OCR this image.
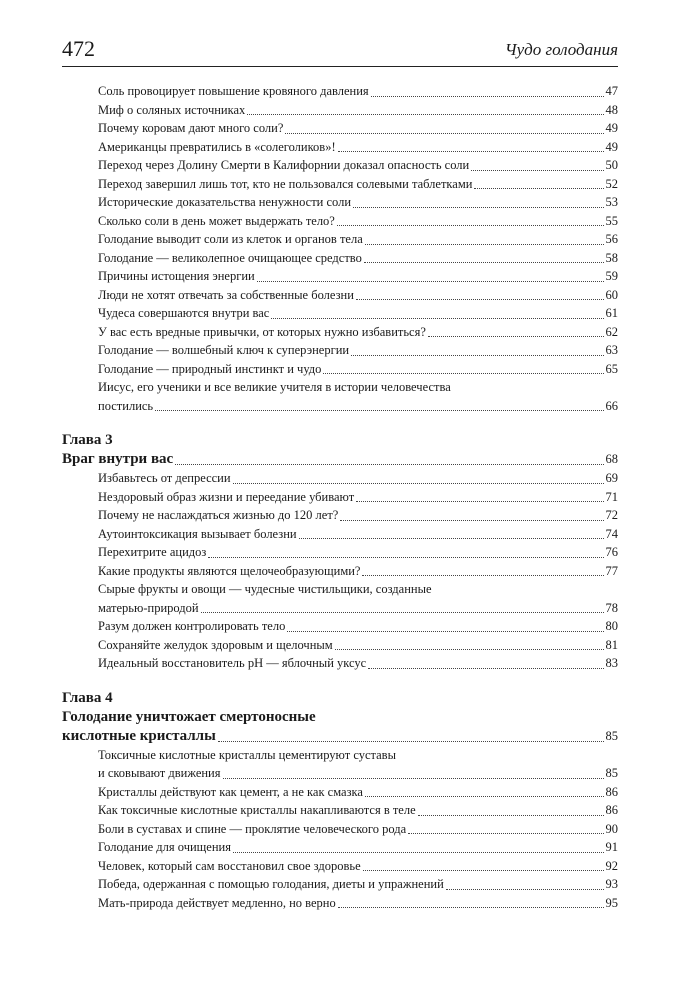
472	Чудо голодания
Соль провоцирует повышение кровяного давления	47
Миф о соляных источниках	48
Почему коровам дают много соли?	49
Американцы превратились в «солеголиков»!	49
Переход через Долину Смерти в Калифорнии доказал опасность соли	50
Переход завершил лишь тот, кто не пользовался солевыми таблетками	52
Исторические доказательства ненужности соли	53
Сколько соли в день может выдержать тело?	55
Голодание выводит соли из клеток и органов тела	56
Голодание — великолепное очищающее средство	58
Причины истощения энергии	59
Люди не хотят отвечать за собственные болезни	60
Чудеса совершаются внутри вас	61
У вас есть вредные привычки, от которых нужно избавиться?	62
Голодание — волшебный ключ к суперэнергии	63
Голодание — природный инстинкт и чудо	65
Иисус, его ученики и все великие учителя в истории человечества
постились	66
Глава 3
Враг внутри вас	68
Избавьтесь от депрессии	69
Нездоровый образ жизни и переедание убивают	71
Почему не наслаждаться жизнью до 120 лет?	72
Аутоинтоксикация вызывает болезни	74
Перехитрите ацидоз	76
Какие продукты являются щелочеобразующими?	77
Сырые фрукты и овощи — чудесные чистильщики, созданные
матерью-природой	78
Разум должен контролировать тело	80
Сохраняйте желудок здоровым и щелочным	81
Идеальный восстановитель pH — яблочный уксус	83
Глава 4
Голодание уничтожает смертоносные
кислотные кристаллы	85
Токсичные кислотные кристаллы цементируют суставы
и сковывают движения	85
Кристаллы действуют как цемент, а не как смазка	86
Как токсичные кислотные кристаллы накапливаются в теле	86
Боли в суставах и спине — проклятие человеческого рода	90
Голодание для очищения	91
Человек, который сам восстановил свое здоровье	92
Победа, одержанная с помощью голодания, диеты и упражнений	93
Мать-природа действует медленно, но верно	95
